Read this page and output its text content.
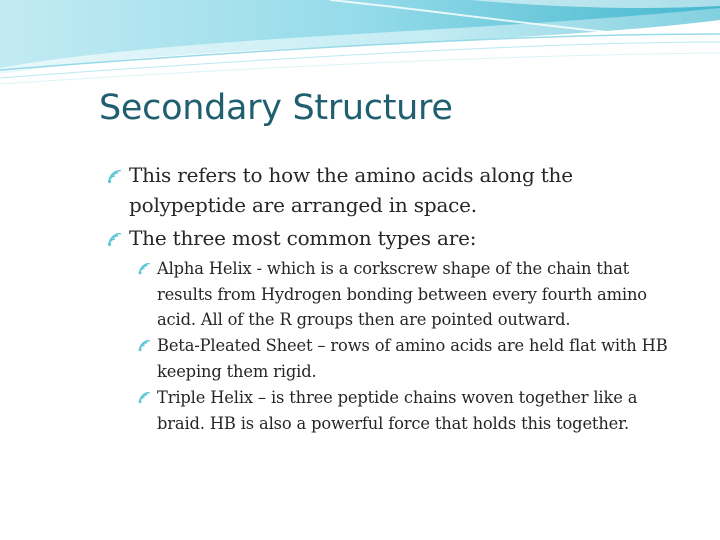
Secondary Structure
This refers to how the amino acids along the polypeptide are arranged in space.
The three most common types are:
Alpha Helix - which is a corkscrew shape of the chain that results from Hydrogen bonding between every fourth amino acid. All of the R groups then are pointed outward.
Beta-Pleated Sheet – rows of amino acids are held flat with HB keeping them rigid.
Triple Helix – is three peptide chains woven together like a braid. HB is also a powerful force that holds this together.
